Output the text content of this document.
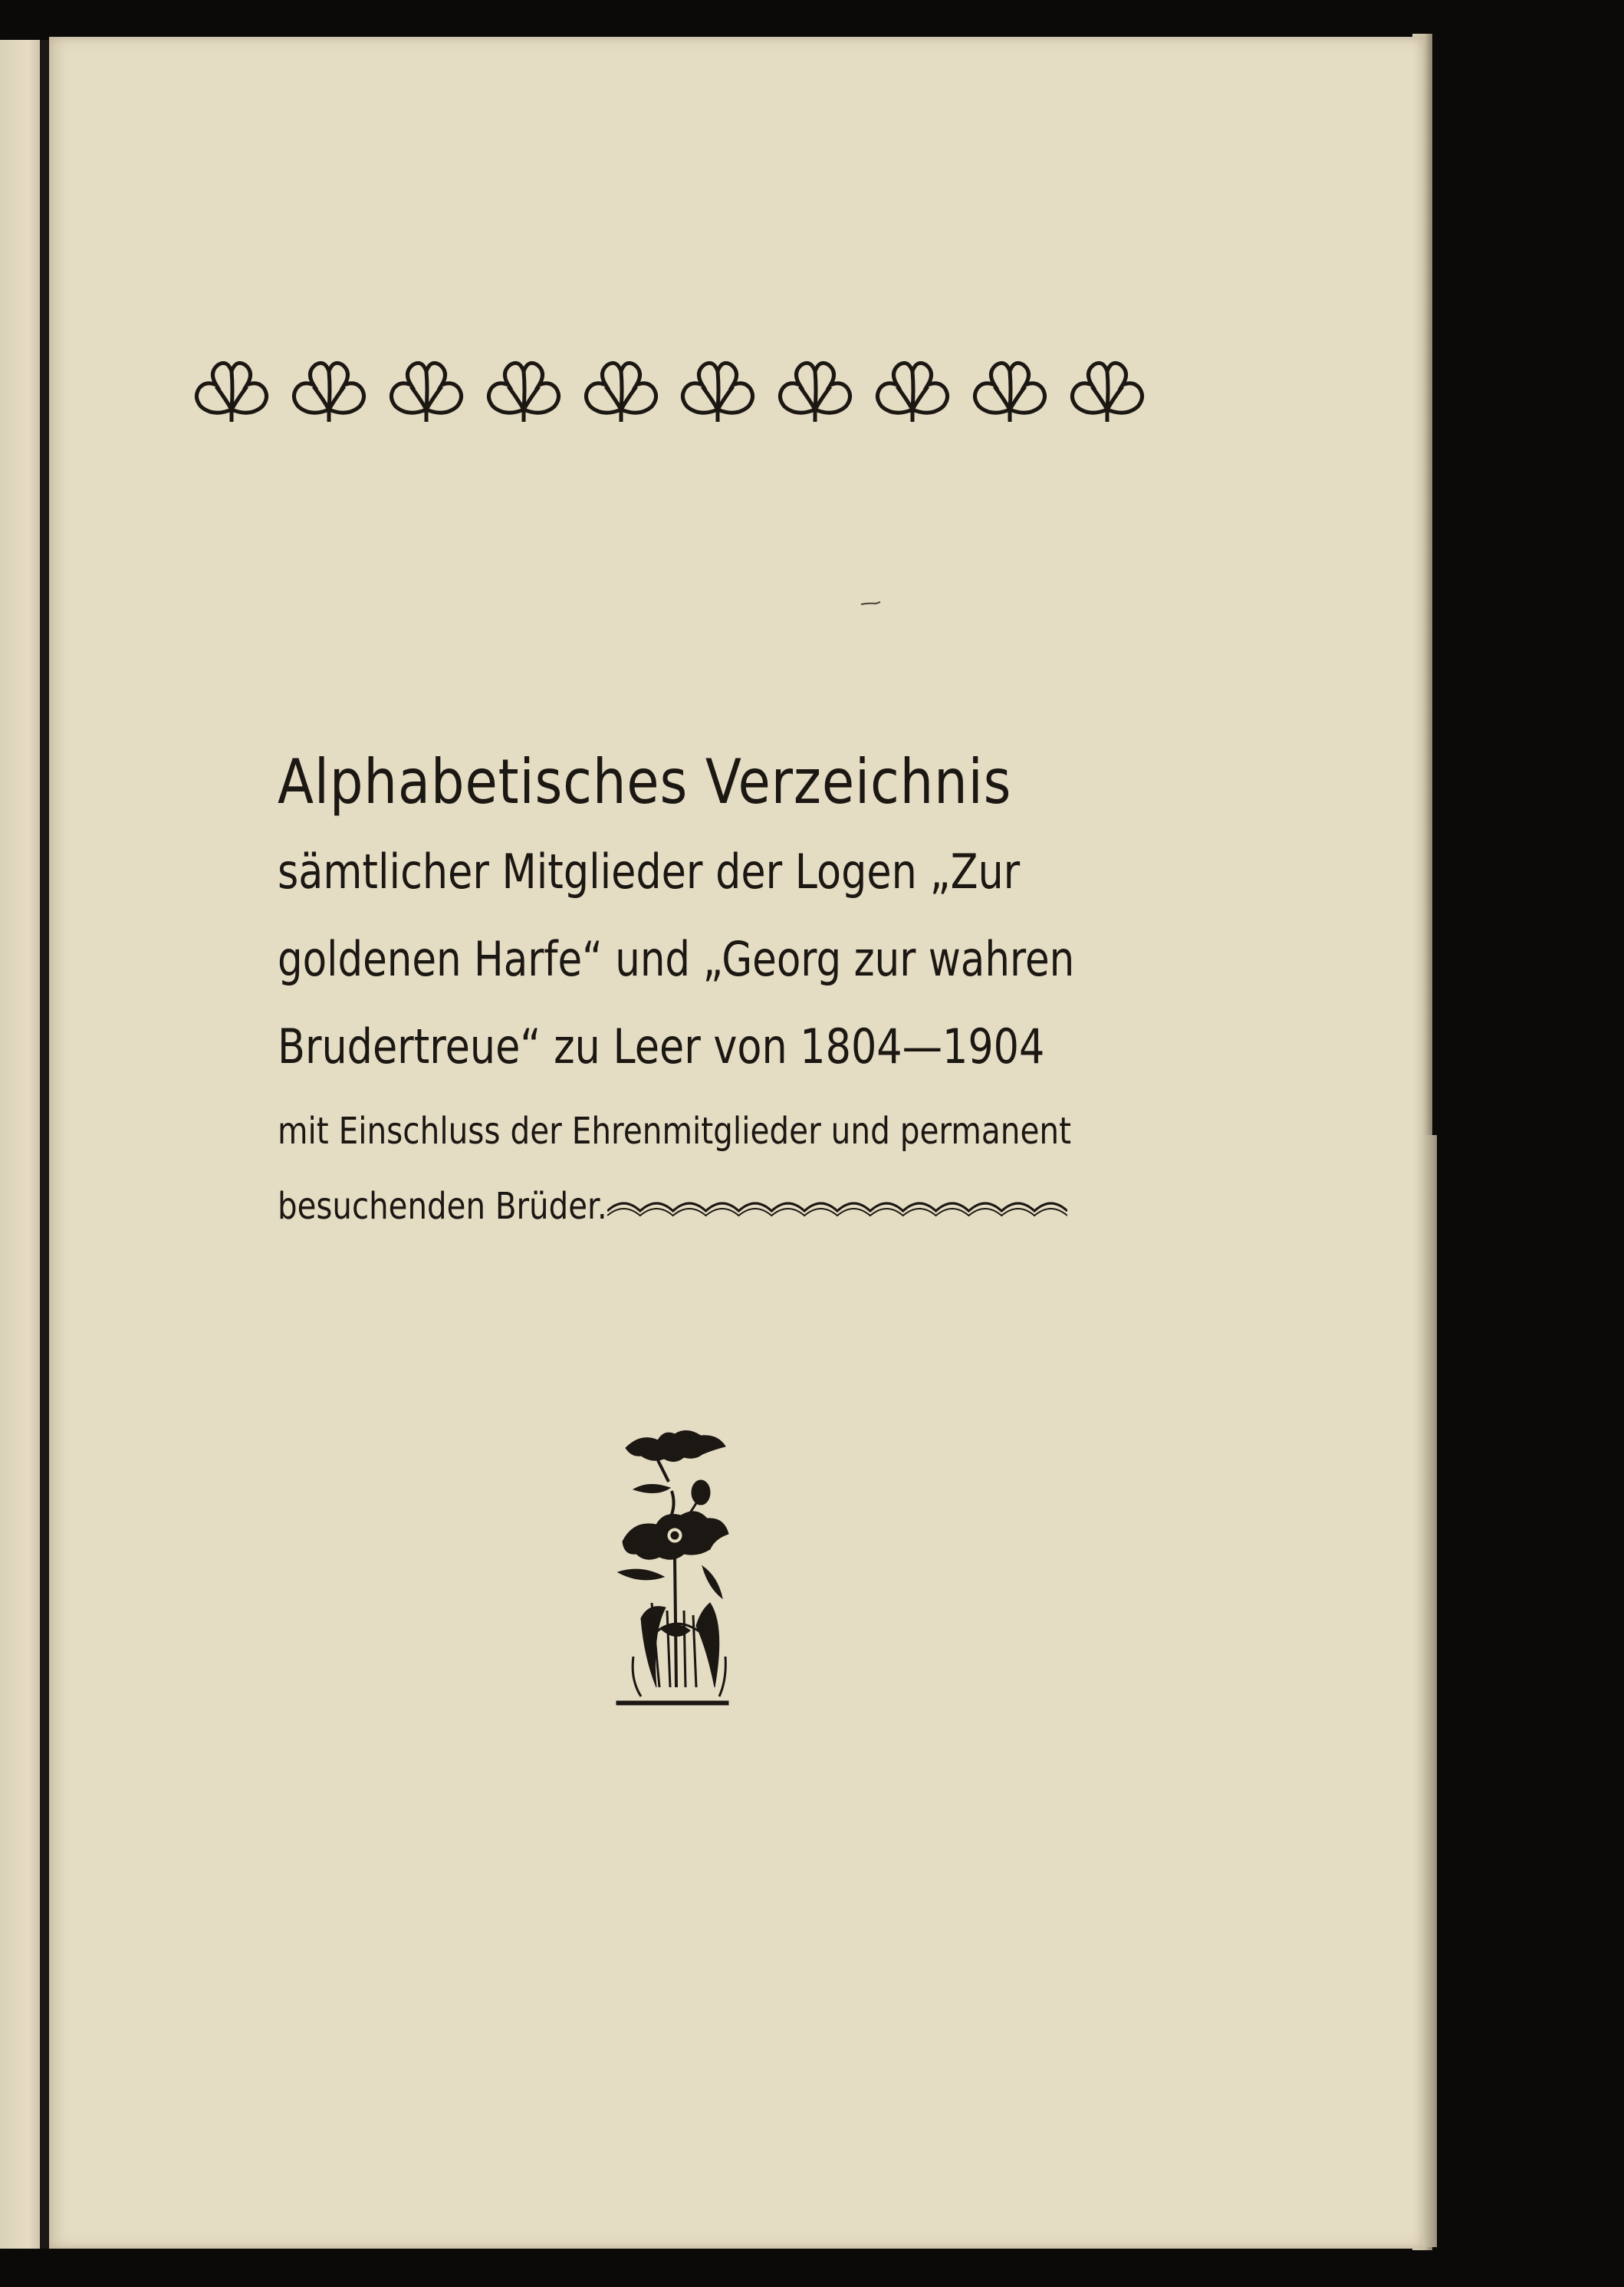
Alphabetisches Verzeichnis
sämtlicher Mitglieder der Logen „Zur
goldenen Harfe“ und „Georg zur wahren
Brudertreue“ zu Leer von 1804—1904
mit Einschluss der Ehrenmitglieder und permanent
besuchenden Brüder.
